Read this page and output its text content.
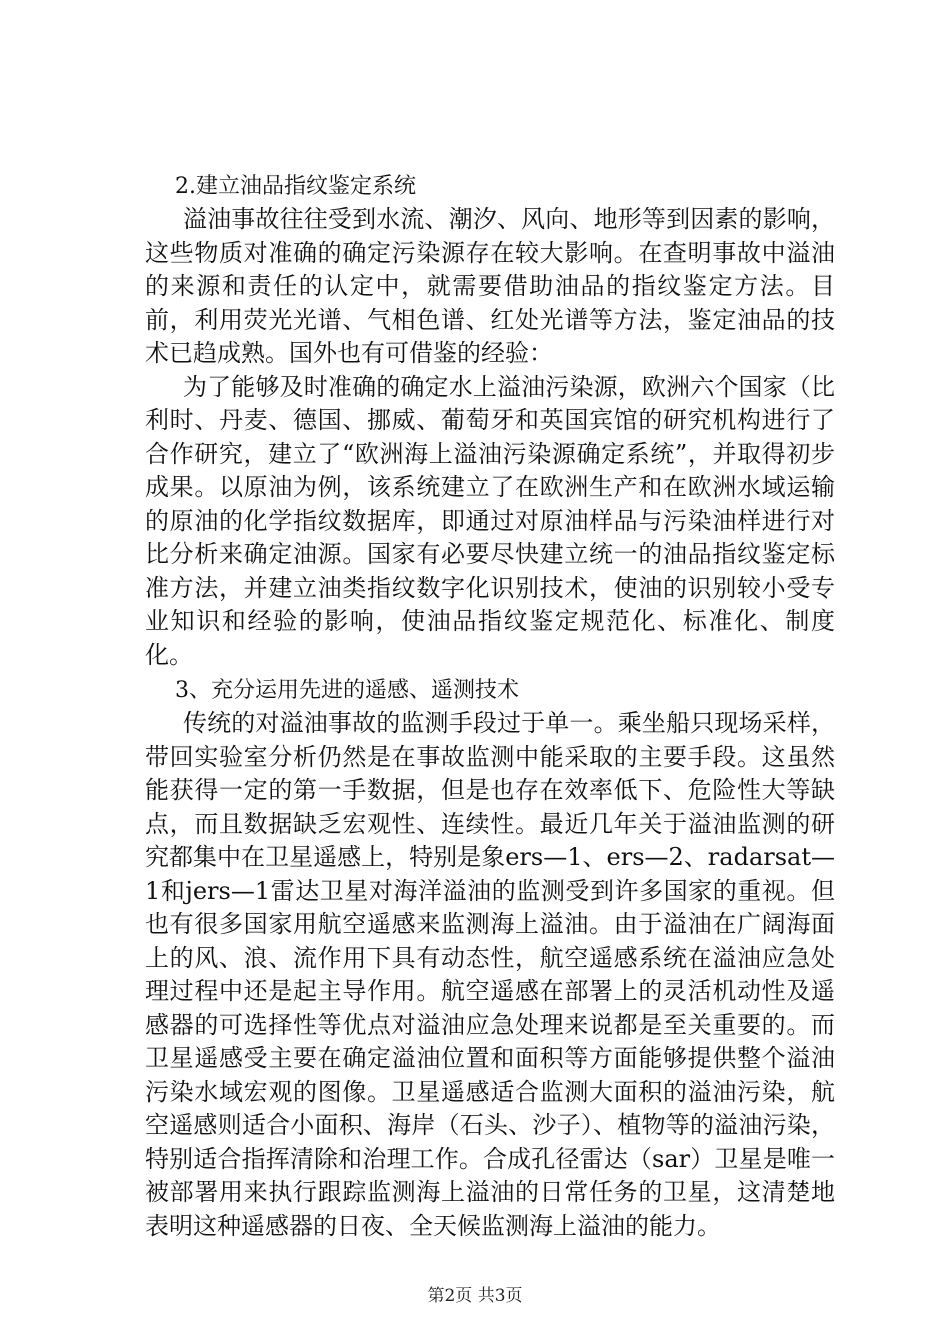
2.建立油品指纹鉴定系统

溢油事故往往受到水流、潮汐、风向、地形等到因素的影响，这些物质对准确的确定污染源存在较大影响。在查明事故中溢油的来源和责任的认定中，就需要借助油品的指纹鉴定方法。目前，利用荧光光谱、气相色谱、红处光谱等方法，鉴定油品的技术已趋成熟。国外也有可借鉴的经验：

为了能够及时准确的确定水上溢油污染源，欧洲六个国家（比利时、丹麦、德国、挪威、葡萄牙和英国宾馆的研究机构进行了合作研究，建立了“欧洲海上溢油污染源确定系统”，并取得初步成果。以原油为例，该系统建立了在欧洲生产和在欧洲水域运输的原油的化学指纹数据库，即通过对原油样品与污染油样进行对比分析来确定油源。国家有必要尽快建立统一的油品指纹鉴定标准方法，并建立油类指纹数字化识别技术，使油的识别较小受专业知识和经验的影响，使油品指纹鉴定规范化、标准化、制度化。

3、充分运用先进的遥感、遥测技术

传统的对溢油事故的监测手段过于单一。乘坐船只现场采样，带回实验室分析仍然是在事故监测中能采取的主要手段。这虽然能获得一定的第一手数据，但是也存在效率低下、危险性大等缺点，而且数据缺乏宏观性、连续性。最近几年关于溢油监测的研究都集中在卫星遥感上，特别是象ers—1、ers—2、radarsat—1和jers—1雷达卫星对海洋溢油的监测受到许多国家的重视。但也有很多国家用航空遥感来监测海上溢油。由于溢油在广阔海面上的风、浪、流作用下具有动态性，航空遥感系统在溢油应急处理过程中还是起主导作用。航空遥感在部署上的灵活机动性及遥感器的可选择性等优点对溢油应急处理来说都是至关重要的。而卫星遥感受主要在确定溢油位置和面积等方面能够提供整个溢油污染水域宏观的图像。卫星遥感适合监测大面积的溢油污染，航空遥感则适合小面积、海岸（石头、沙子）、植物等的溢油污染，特别适合指挥清除和治理工作。合成孔径雷达（sar）卫星是唯一被部署用来执行跟踪监测海上溢油的日常任务的卫星，这清楚地表明这种遥感器的日夜、全天候监测海上溢油的能力。

第2页 共3页
